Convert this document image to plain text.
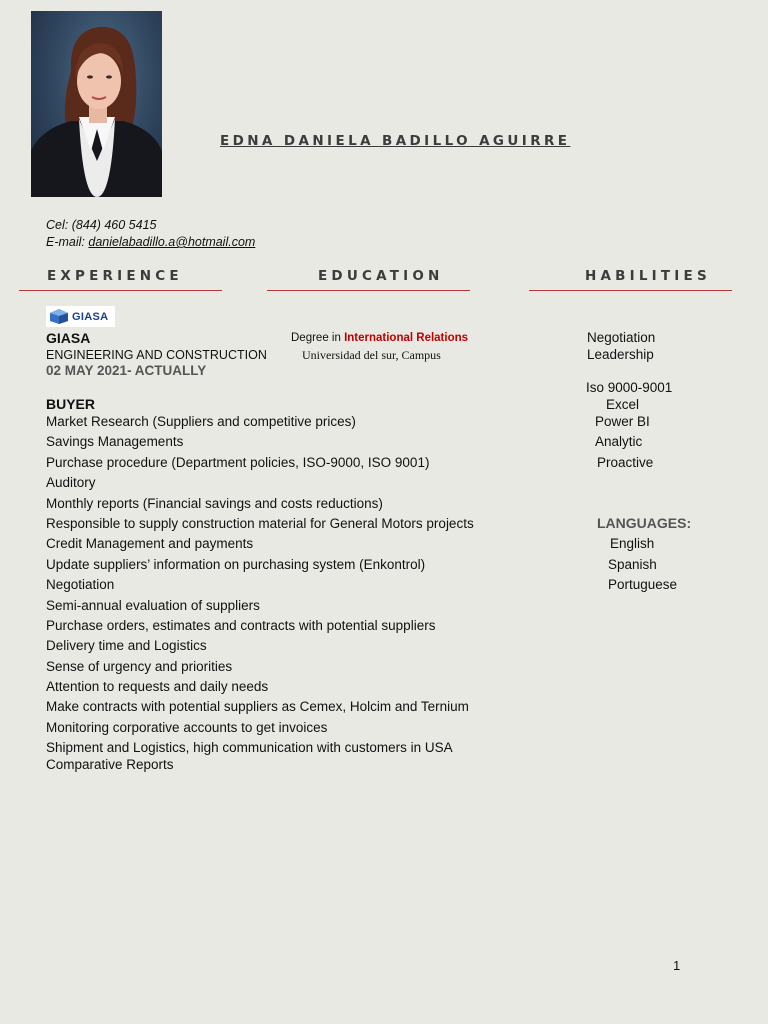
EDNA DANIELA BADILLO AGUIRRE
Cel: (844) 460 5415
E-mail: danielabadillo.a@hotmail.com
EXPERIENCE	EDUCATION	HABILITIES
GIASA
GIASA
ENGINEERING AND CONSTRUCTION
02 MAY 2021- ACTUALLY
BUYER
Market Research (Suppliers and competitive prices)
Savings Managements
Purchase procedure (Department policies, ISO-9000, ISO 9001)
Auditory
Monthly reports (Financial savings and costs reductions)
Responsible to supply construction material for General Motors projects
Credit Management and payments
Update suppliers’ information on purchasing system (Enkontrol)
Negotiation
Semi-annual evaluation of suppliers
Purchase orders, estimates and contracts with potential suppliers
Delivery time and Logistics
Sense of urgency and priorities
Attention to requests and daily needs
Make contracts with potential suppliers as Cemex, Holcim and Ternium
Monitoring corporative accounts to get invoices
Shipment and Logistics, high communication with customers in USA
Comparative Reports
Degree in International Relations
Universidad del sur, Campus
Negotiation
Leadership
Iso 9000-9001
Excel
Power BI
Analytic
Proactive
LANGUAGES:
English
Spanish
Portuguese
1
